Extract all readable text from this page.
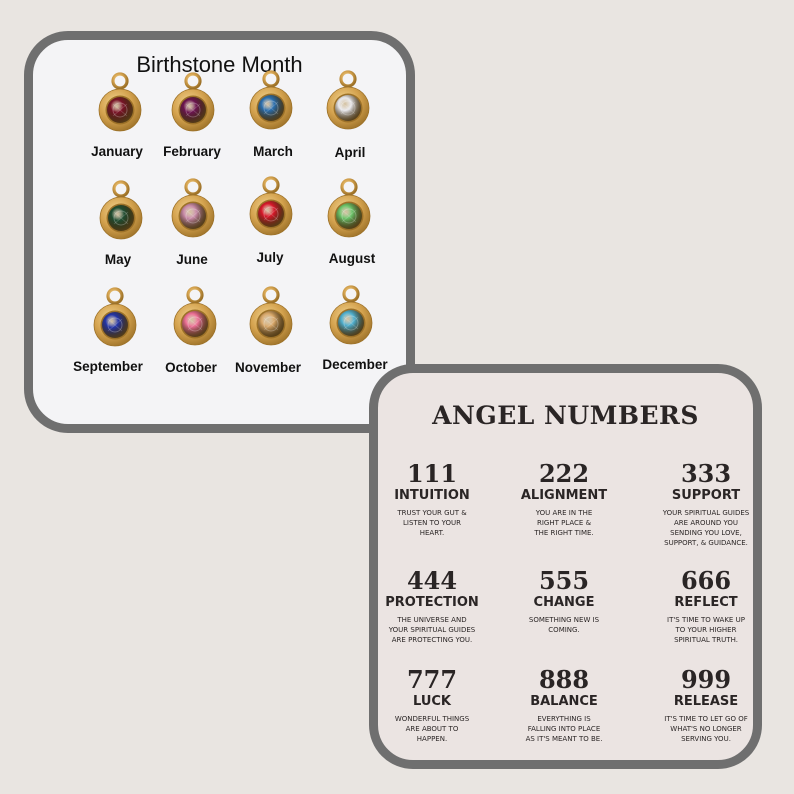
Birthstone Month
January	February	March	April
May	June	July	August
September	October	November	December
ANGEL NUMBERS
111
INTUITION
TRUST YOUR GUT &
LISTEN TO YOUR
HEART.
222
ALIGNMENT
YOU ARE IN THE
RIGHT PLACE &
THE RIGHT TIME.
333
SUPPORT
YOUR SPIRITUAL GUIDES
ARE AROUND YOU
SENDING YOU LOVE,
SUPPORT, & GUIDANCE.
444
PROTECTION
THE UNIVERSE AND
YOUR SPIRITUAL GUIDES
ARE PROTECTING YOU.
555
CHANGE
SOMETHING NEW IS
COMING.
666
REFLECT
IT'S TIME TO WAKE UP
TO YOUR HIGHER
SPIRITUAL TRUTH.
777
LUCK
WONDERFUL THINGS
ARE ABOUT TO
HAPPEN.
888
BALANCE
EVERYTHING IS
FALLING INTO PLACE
AS IT'S MEANT TO BE.
999
RELEASE
IT'S TIME TO LET GO OF
WHAT'S NO LONGER
SERVING YOU.
